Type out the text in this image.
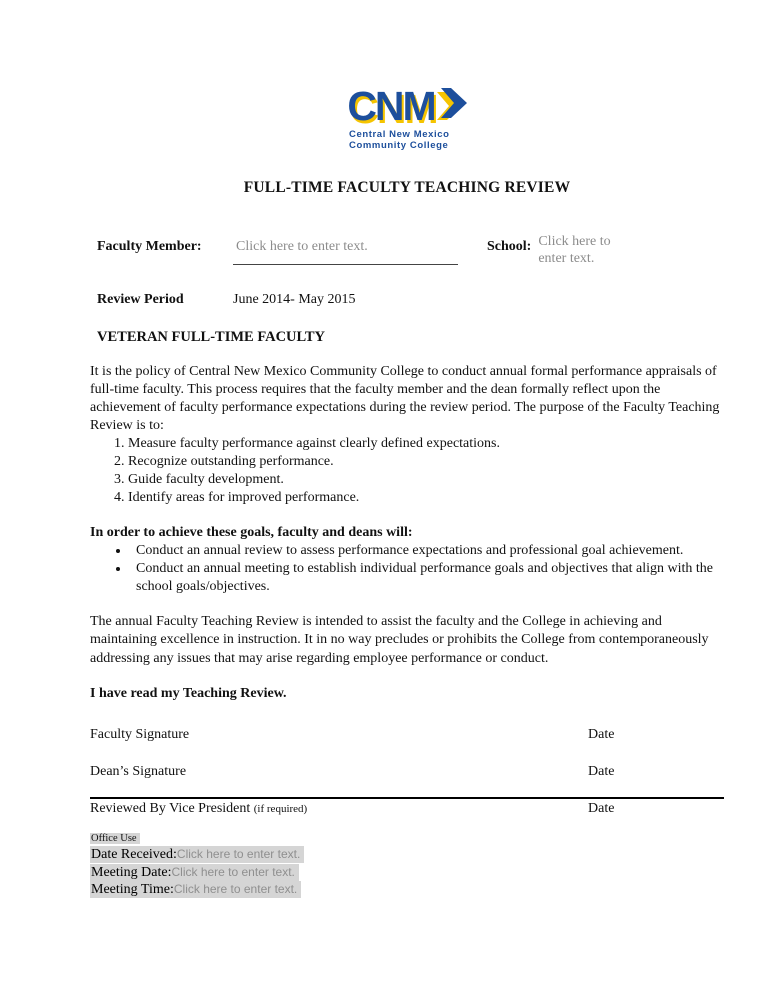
CNM
Central New Mexico
Community College
FULL-TIME FACULTY TEACHING REVIEW
Faculty Member:	Click here to enter text.	School: Click here to enter text.
Review Period	June 2014- May 2015
VETERAN FULL-TIME FACULTY
It is the policy of Central New Mexico Community College to conduct annual formal performance appraisals of full-time faculty. This process requires that the faculty member and the dean formally reflect upon the achievement of faculty performance expectations during the review period. The purpose of the Faculty Teaching Review is to:
1. Measure faculty performance against clearly defined expectations.
2. Recognize outstanding performance.
3. Guide faculty development.
4. Identify areas for improved performance.
In order to achieve these goals, faculty and deans will:
• Conduct an annual review to assess performance expectations and professional goal achievement.
• Conduct an annual meeting to establish individual performance goals and objectives that align with the school goals/objectives.
The annual Faculty Teaching Review is intended to assist the faculty and the College in achieving and maintaining excellence in instruction. It in no way precludes or prohibits the College from contemporaneously addressing any issues that may arise regarding employee performance or conduct.
I have read my Teaching Review.
Faculty Signature	Date
Dean’s Signature	Date
Reviewed By Vice President (if required)	Date
Office Use
Date Received:Click here to enter text.
Meeting Date:Click here to enter text.
Meeting Time:Click here to enter text.
